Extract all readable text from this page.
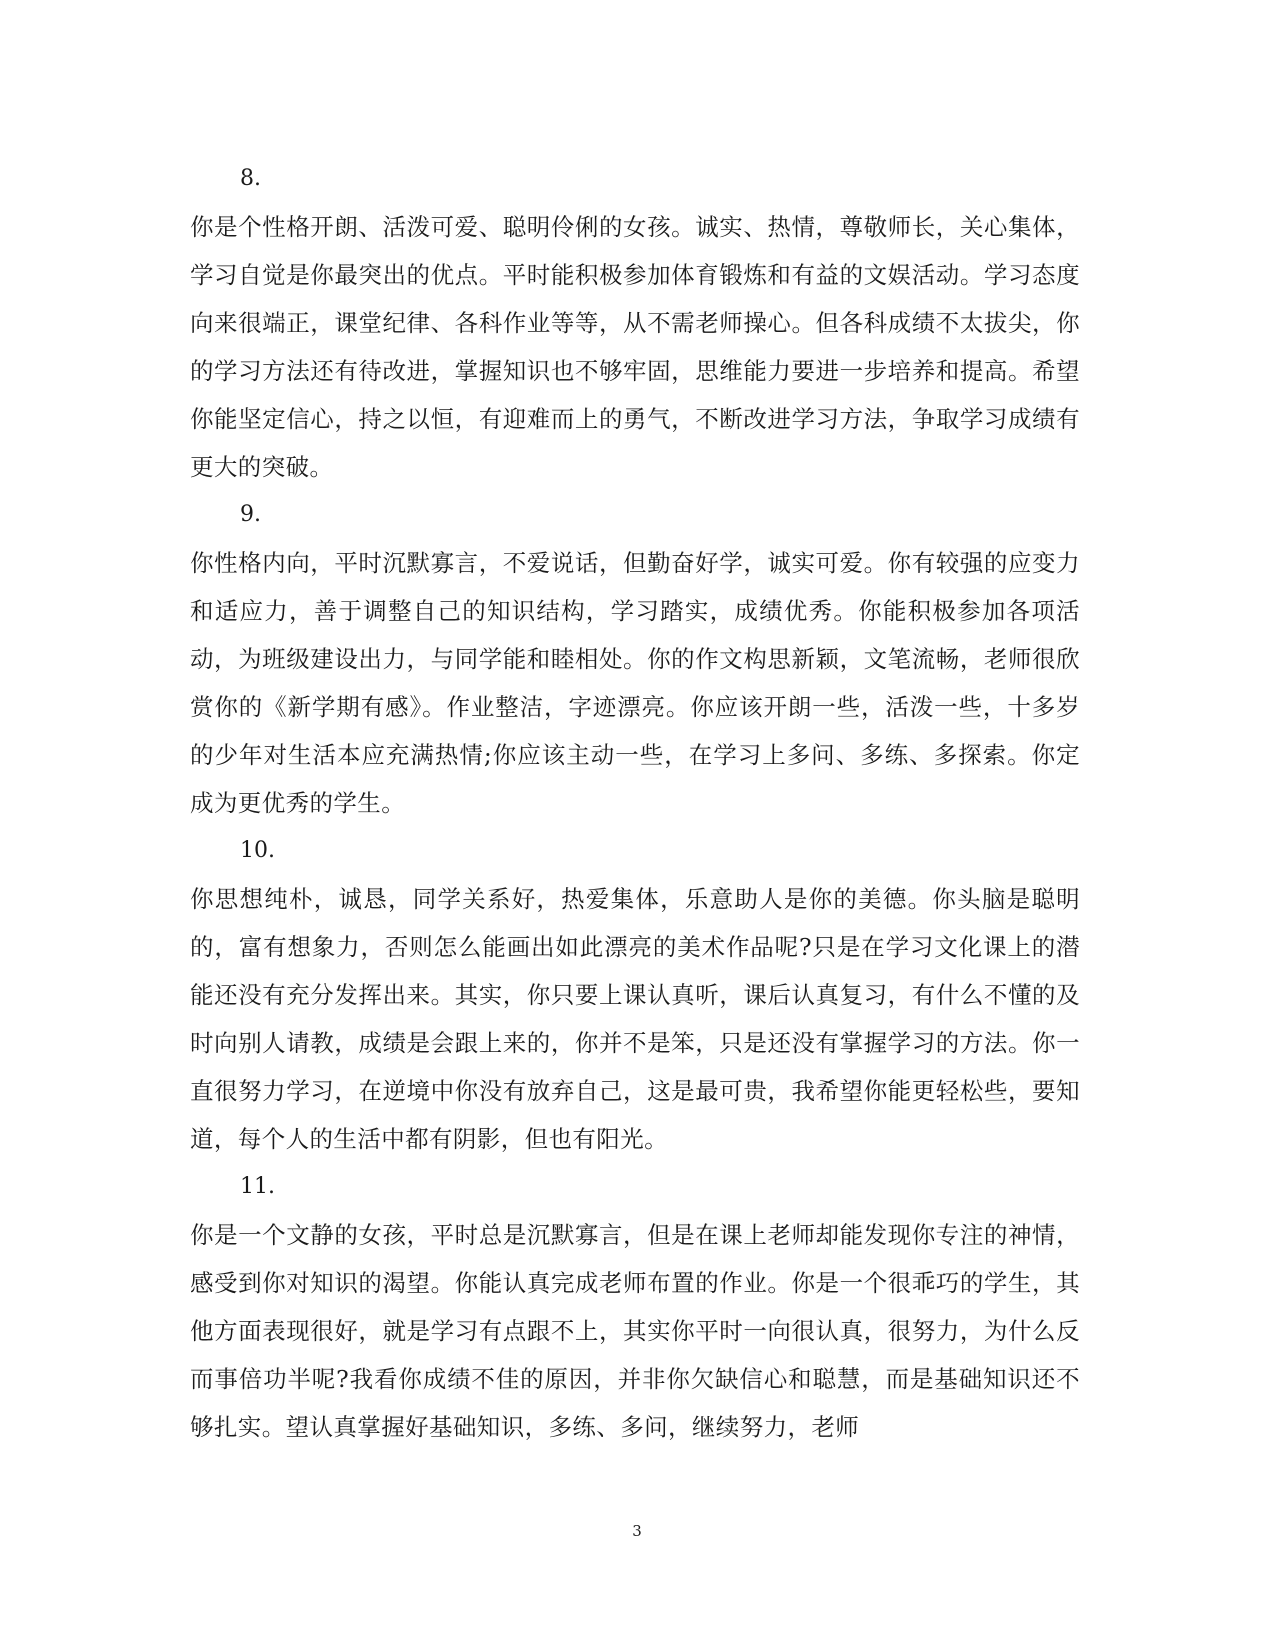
8.
你是个性格开朗、活泼可爱、聪明伶俐的女孩。诚实、热情，尊敬师长，关心集体，学习自觉是你最突出的优点。平时能积极参加体育锻炼和有益的文娱活动。学习态度向来很端正，课堂纪律、各科作业等等，从不需老师操心。但各科成绩不太拔尖，你的学习方法还有待改进，掌握知识也不够牢固，思维能力要进一步培养和提高。希望你能坚定信心，持之以恒，有迎难而上的勇气，不断改进学习方法，争取学习成绩有更大的突破。
9.
你性格内向，平时沉默寡言，不爱说话，但勤奋好学，诚实可爱。你有较强的应变力和适应力，善于调整自己的知识结构，学习踏实，成绩优秀。你能积极参加各项活动，为班级建设出力，与同学能和睦相处。你的作文构思新颖，文笔流畅，老师很欣赏你的《新学期有感》。作业整洁，字迹漂亮。你应该开朗一些，活泼一些，十多岁的少年对生活本应充满热情;你应该主动一些，在学习上多问、多练、多探索。你定成为更优秀的学生。
10.
你思想纯朴，诚恳，同学关系好，热爱集体，乐意助人是你的美德。你头脑是聪明的，富有想象力，否则怎么能画出如此漂亮的美术作品呢?只是在学习文化课上的潜能还没有充分发挥出来。其实，你只要上课认真听，课后认真复习，有什么不懂的及时向别人请教，成绩是会跟上来的，你并不是笨，只是还没有掌握学习的方法。你一直很努力学习，在逆境中你没有放弃自己，这是最可贵，我希望你能更轻松些，要知道，每个人的生活中都有阴影，但也有阳光。
11.
你是一个文静的女孩，平时总是沉默寡言，但是在课上老师却能发现你专注的神情，感受到你对知识的渴望。你能认真完成老师布置的作业。你是一个很乖巧的学生，其他方面表现很好，就是学习有点跟不上，其实你平时一向很认真，很努力，为什么反而事倍功半呢?我看你成绩不佳的原因，并非你欠缺信心和聪慧，而是基础知识还不够扎实。望认真掌握好基础知识，多练、多问，继续努力，老师
3
